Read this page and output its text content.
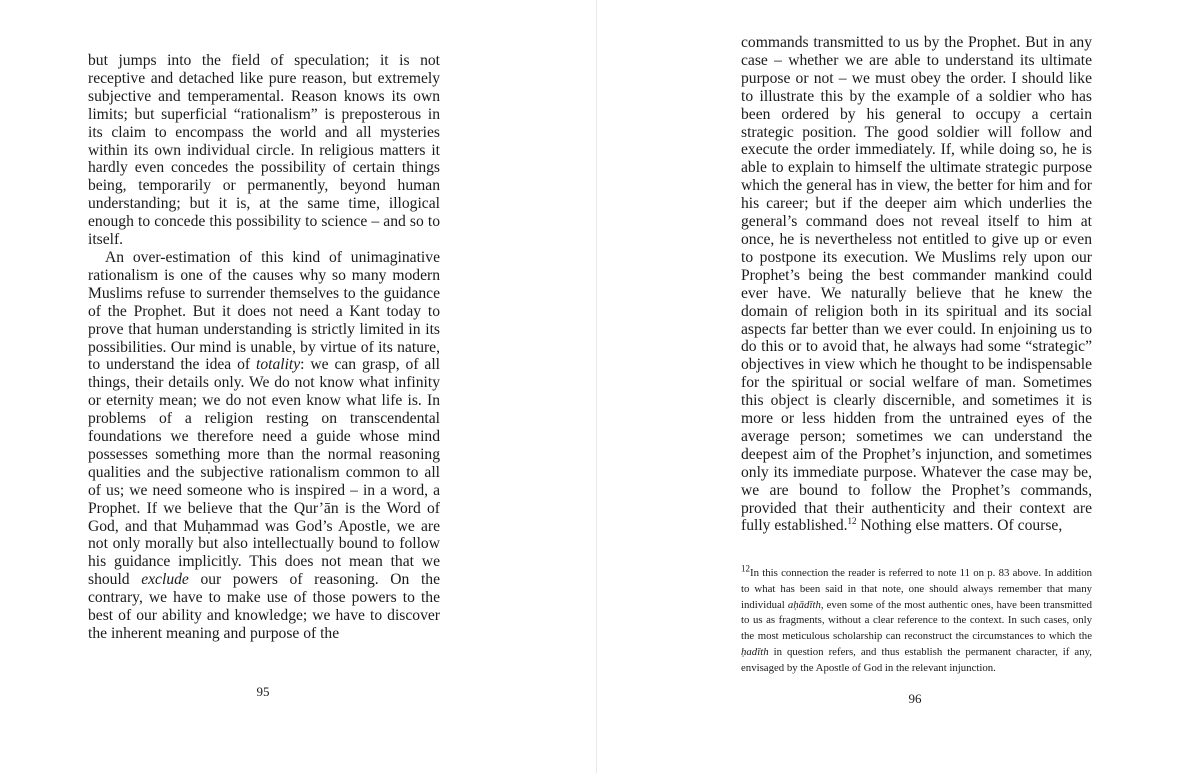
but jumps into the field of speculation; it is not receptive and detached like pure reason, but extremely subjective and temperamental. Reason knows its own limits; but superficial “rationalism” is preposterous in its claim to encompass the world and all mysteries within its own individual circle. In religious matters it hardly even concedes the possibility of certain things being, temporarily or permanently, beyond human understanding; but it is, at the same time, illogical enough to concede this possibility to science – and so to itself.

An over-estimation of this kind of unimaginative rationalism is one of the causes why so many modern Muslims refuse to surrender themselves to the guidance of the Prophet. But it does not need a Kant today to prove that human understanding is strictly limited in its possibilities. Our mind is unable, by virtue of its nature, to understand the idea of totality: we can grasp, of all things, their details only. We do not know what infinity or eternity mean; we do not even know what life is. In problems of a religion resting on transcendental foundations we therefore need a guide whose mind possesses something more than the normal reasoning qualities and the subjective rationalism common to all of us; we need someone who is inspired – in a word, a Prophet. If we believe that the Qur’ān is the Word of God, and that Muḥammad was God’s Apostle, we are not only morally but also intellectually bound to follow his guidance implicitly. This does not mean that we should exclude our powers of reasoning. On the contrary, we have to make use of those powers to the best of our ability and knowledge; we have to discover the inherent meaning and purpose of the

95

commands transmitted to us by the Prophet. But in any case – whether we are able to understand its ultimate purpose or not – we must obey the order. I should like to illustrate this by the example of a soldier who has been ordered by his general to occupy a certain strategic position. The good soldier will follow and execute the order immediately. If, while doing so, he is able to explain to himself the ultimate strategic purpose which the general has in view, the better for him and for his career; but if the deeper aim which underlies the general’s command does not reveal itself to him at once, he is nevertheless not entitled to give up or even to postpone its execution. We Muslims rely upon our Prophet’s being the best commander mankind could ever have. We naturally believe that he knew the domain of religion both in its spiritual and its social aspects far better than we ever could. In enjoining us to do this or to avoid that, he always had some “strategic” objectives in view which he thought to be indispensable for the spiritual or social welfare of man. Sometimes this object is clearly discernible, and sometimes it is more or less hidden from the untrained eyes of the average person; sometimes we can understand the deepest aim of the Prophet’s injunction, and sometimes only its immediate purpose. Whatever the case may be, we are bound to follow the Prophet’s commands, provided that their authenticity and their context are fully established.$^{12}$ Nothing else matters. Of course,

$^{12}$In this connection the reader is referred to note 11 on p. 83 above. In addition to what has been said in that note, one should always remember that many individual aḥādīth, even some of the most authentic ones, have been transmitted to us as fragments, without a clear reference to the context. In such cases, only the most meticulous scholarship can reconstruct the circumstances to which the ḥadīth in question refers, and thus establish the permanent character, if any, envisaged by the Apostle of God in the relevant injunction.

96
